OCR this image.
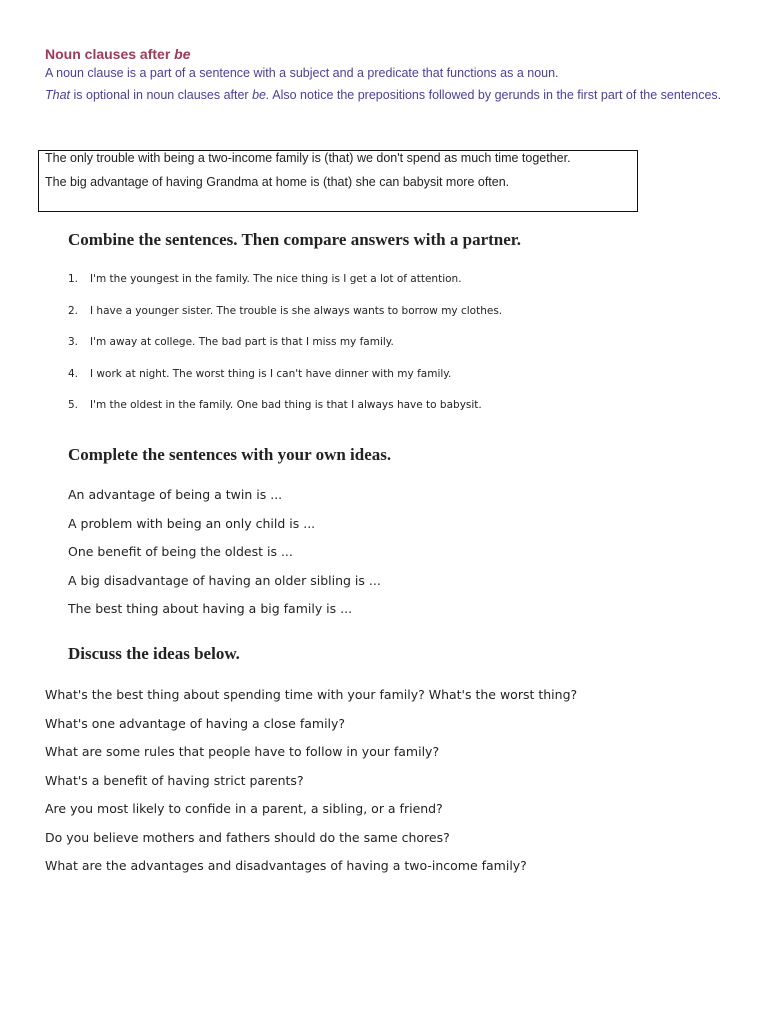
Noun clauses after be
A noun clause is a part of a sentence with a subject and a predicate that functions as a noun.
That is optional in noun clauses after be. Also notice the prepositions followed by gerunds in the first part of the sentences.
The only trouble with being a two-income family is (that) we don't spend as much time together.
The big advantage of having Grandma at home is (that) she can babysit more often.
Combine the sentences. Then compare answers with a partner.
1.	I'm the youngest in the family. The nice thing is I get a lot of attention.
2.	I have a younger sister. The trouble is she always wants to borrow my clothes.
3.	I'm away at college. The bad part is that I miss my family.
4.	I work at night. The worst thing is I can't have dinner with my family.
5.	I'm the oldest in the family. One bad thing is that I always have to babysit.
Complete the sentences with your own ideas.
An advantage of being a twin is ...
A problem with being an only child is ...
One benefit of being the oldest is ...
A big disadvantage of having an older sibling is ...
The best thing about having a big family is ...
Discuss the ideas below.
What's the best thing about spending time with your family? What's the worst thing?
What's one advantage of having a close family?
What are some rules that people have to follow in your family?
What's a benefit of having strict parents?
Are you most likely to confide in a parent, a sibling, or a friend?
Do you believe mothers and fathers should do the same chores?
What are the advantages and disadvantages of having a two-income family?
